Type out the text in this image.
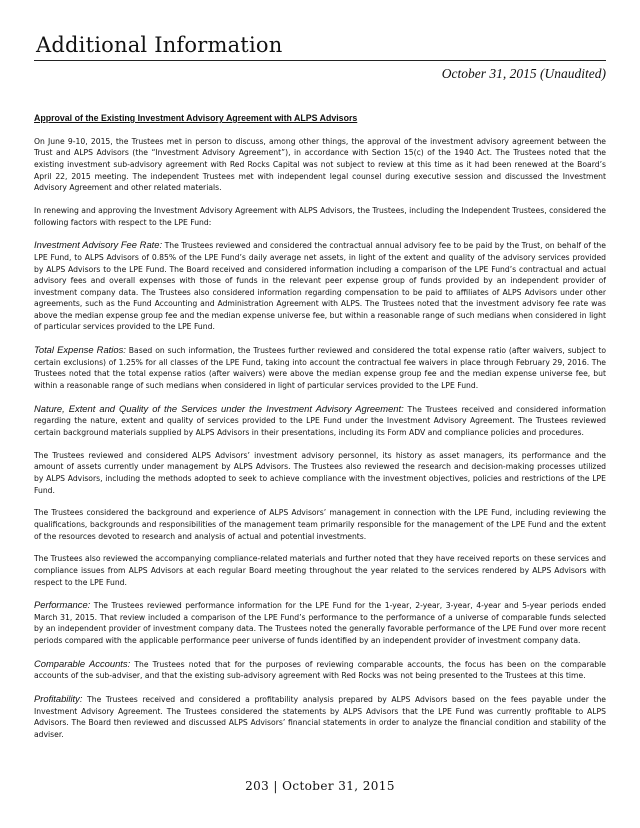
Additional Information
October 31, 2015 (Unaudited)

Approval of the Existing Investment Advisory Agreement with ALPS Advisors

On June 9-10, 2015, the Trustees met in person to discuss, among other things, the approval of the investment advisory agreement between the Trust and ALPS Advisors (the “Investment Advisory Agreement”), in accordance with Section 15(c) of the 1940 Act. The Trustees noted that the existing investment sub-advisory agreement with Red Rocks Capital was not subject to review at this time as it had been renewed at the Board’s April 22, 2015 meeting. The independent Trustees met with independent legal counsel during executive session and discussed the Investment Advisory Agreement and other related materials.

In renewing and approving the Investment Advisory Agreement with ALPS Advisors, the Trustees, including the Independent Trustees, considered the following factors with respect to the LPE Fund:

Investment Advisory Fee Rate: The Trustees reviewed and considered the contractual annual advisory fee to be paid by the Trust, on behalf of the LPE Fund, to ALPS Advisors of 0.85% of the LPE Fund’s daily average net assets, in light of the extent and quality of the advisory services provided by ALPS Advisors to the LPE Fund. The Board received and considered information including a comparison of the LPE Fund’s contractual and actual advisory fees and overall expenses with those of funds in the relevant peer expense group of funds provided by an independent provider of investment company data. The Trustees also considered information regarding compensation to be paid to affiliates of ALPS Advisors under other agreements, such as the Fund Accounting and Administration Agreement with ALPS. The Trustees noted that the investment advisory fee rate was above the median expense group fee and the median expense universe fee, but within a reasonable range of such medians when considered in light of particular services provided to the LPE Fund.

Total Expense Ratios: Based on such information, the Trustees further reviewed and considered the total expense ratio (after waivers, subject to certain exclusions) of 1.25% for all classes of the LPE Fund, taking into account the contractual fee waivers in place through February 29, 2016. The Trustees noted that the total expense ratios (after waivers) were above the median expense group fee and the median expense universe fee, but within a reasonable range of such medians when considered in light of particular services provided to the LPE Fund.

Nature, Extent and Quality of the Services under the Investment Advisory Agreement: The Trustees received and considered information regarding the nature, extent and quality of services provided to the LPE Fund under the Investment Advisory Agreement. The Trustees reviewed certain background materials supplied by ALPS Advisors in their presentations, including its Form ADV and compliance policies and procedures.

The Trustees reviewed and considered ALPS Advisors’ investment advisory personnel, its history as asset managers, its performance and the amount of assets currently under management by ALPS Advisors. The Trustees also reviewed the research and decision-making processes utilized by ALPS Advisors, including the methods adopted to seek to achieve compliance with the investment objectives, policies and restrictions of the LPE Fund.

The Trustees considered the background and experience of ALPS Advisors’ management in connection with the LPE Fund, including reviewing the qualifications, backgrounds and responsibilities of the management team primarily responsible for the management of the LPE Fund and the extent of the resources devoted to research and analysis of actual and potential investments.

The Trustees also reviewed the accompanying compliance-related materials and further noted that they have received reports on these services and compliance issues from ALPS Advisors at each regular Board meeting throughout the year related to the services rendered by ALPS Advisors with respect to the LPE Fund.

Performance: The Trustees reviewed performance information for the LPE Fund for the 1-year, 2-year, 3-year, 4-year and 5-year periods ended March 31, 2015. That review included a comparison of the LPE Fund’s performance to the performance of a universe of comparable funds selected by an independent provider of investment company data. The Trustees noted the generally favorable performance of the LPE Fund over more recent periods compared with the applicable performance peer universe of funds identified by an independent provider of investment company data.

Comparable Accounts: The Trustees noted that for the purposes of reviewing comparable accounts, the focus has been on the comparable accounts of the sub-adviser, and that the existing sub-advisory agreement with Red Rocks was not being presented to the Trustees at this time.

Profitability: The Trustees received and considered a profitability analysis prepared by ALPS Advisors based on the fees payable under the Investment Advisory Agreement. The Trustees considered the statements by ALPS Advisors that the LPE Fund was currently profitable to ALPS Advisors. The Board then reviewed and discussed ALPS Advisors’ financial statements in order to analyze the financial condition and stability of the adviser.

203 | October 31, 2015
